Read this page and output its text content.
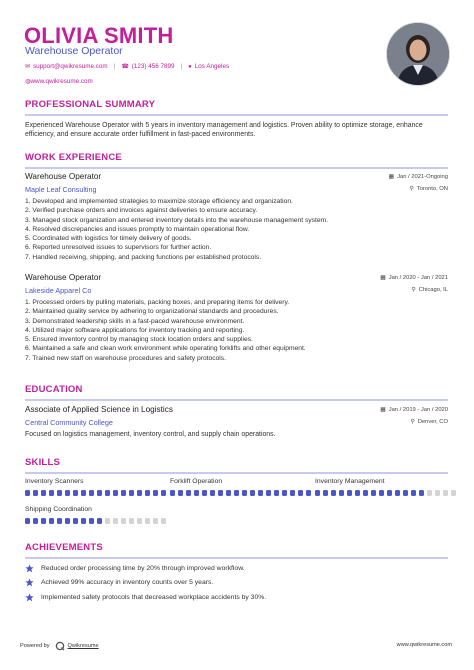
OLIVIA SMITH
Warehouse Operator
✉ support@qwikresume.com | ☎ (123) 456 7899 | ● Los Angeles
◍ www.qwikresume.com
PROFESSIONAL SUMMARY
Experienced Warehouse Operator with 5 years in inventory management and logistics. Proven ability to optimize storage, enhance efficiency, and ensure accurate order fulfillment in fast-paced environments.
WORK EXPERIENCE
Warehouse Operator	▦ Jan / 2021-Ongoing
Maple Leaf Consulting	⚲ Toronto, ON
1. Developed and implemented strategies to maximize storage efficiency and organization.
2. Verified purchase orders and invoices against deliveries to ensure accuracy.
3. Managed stock organization and entered inventory details into the warehouse management system.
4. Resolved discrepancies and issues promptly to maintain operational flow.
5. Coordinated with logistics for timely delivery of goods.
6. Reported unresolved issues to supervisors for further action.
7. Handled receiving, shipping, and packing functions per established protocols.
Warehouse Operator	▦ Jan / 2020 - Jan / 2021
Lakeside Apparel Co	⚲ Chicago, IL
1. Processed orders by pulling materials, packing boxes, and preparing items for delivery.
2. Maintained quality service by adhering to organizational standards and procedures.
3. Demonstrated leadership skills in a fast-paced warehouse environment.
4. Utilized major software applications for inventory tracking and reporting.
5. Ensured inventory control by managing stock location orders and supplies.
6. Maintained a safe and clean work environment while operating forklifts and other equipment.
7. Trained new staff on warehouse procedures and safety protocols.
EDUCATION
Associate of Applied Science in Logistics	▦ Jan / 2019 - Jan / 2020
Central Community College	⚲ Denver, CO
Focused on logistics management, inventory control, and supply chain operations.
SKILLS
Inventory Scanners	Forklift Operation	Inventory Management
Shipping Coordination
ACHIEVEMENTS
Reduced order processing time by 20% through improved workflow.
Achieved 99% accuracy in inventory counts over 5 years.
Implemented safety protocols that decreased workplace accidents by 30%.
Powered by	Qwikresume	www.qwikresume.com
